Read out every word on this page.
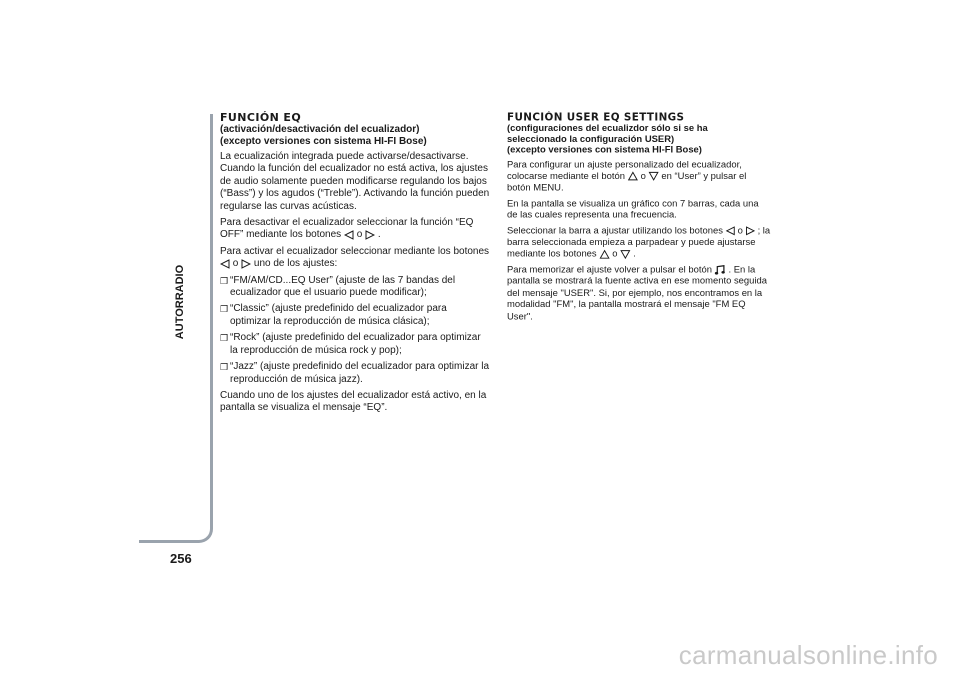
AUTORRADIO
256
FUNCIÓN EQ
(activación/desactivación del ecualizador)
(excepto versiones con sistema HI-FI Bose)

La ecualización integrada puede activarse/desactivarse. Cuando la función del ecualizador no está activa, los ajustes de audio solamente pueden modificarse regulando los bajos (“Bass”) y los agudos (“Treble”). Activando la función pueden regularse las curvas acústicas.

Para desactivar el ecualizador seleccionar la función “EQ OFF” mediante los botones o .

Para activar el ecualizador seleccionar mediante los botones
o uno de los ajustes:

❒ “FM/AM/CD...EQ User” (ajuste de las 7 bandas del ecualizador que el usuario puede modificar);
❒ “Classic” (ajuste predefinido del ecualizador para optimizar la reproducción de música clásica);
❒ “Rock” (ajuste predefinido del ecualizador para optimizar la reproducción de música rock y pop);
❒ “Jazz” (ajuste predefinido del ecualizador para optimizar la reproducción de música jazz).

Cuando uno de los ajustes del ecualizador está activo, en la pantalla se visualiza el mensaje “EQ”.

FUNCIÓN USER EQ SETTINGS
(configuraciones del ecualizdor sólo si se ha
seleccionado la configuración USER)
(excepto versiones con sistema HI-FI Bose)

Para configurar un ajuste personalizado del ecualizador, colocarse mediante el botón o en “User” y pulsar el botón MENU.

En la pantalla se visualiza un gráfico con 7 barras, cada una de las cuales representa una frecuencia.

Seleccionar la barra a ajustar utilizando los botones o ; la barra seleccionada empieza a parpadear y puede ajustarse mediante los botones o .

Para memorizar el ajuste volver a pulsar el botón . En la pantalla se mostrará la fuente activa en ese momento seguida del mensaje "USER". Si, por ejemplo, nos encontramos en la modalidad "FM", la pantalla mostrará el mensaje "FM EQ User".

carmanualsonline.info
